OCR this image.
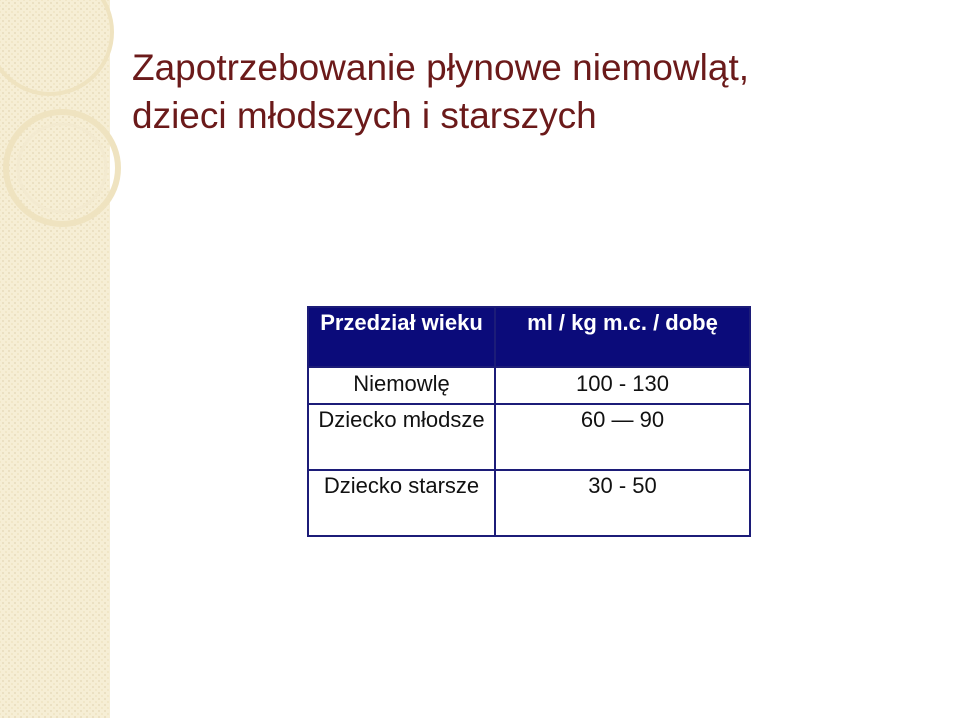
Zapotrzebowanie płynowe niemowląt,
dzieci młodszych i starszych
Przedział wieku	ml / kg m.c. / dobę
Niemowlę	100 - 130
Dziecko młodsze	60 — 90
Dziecko starsze	30 - 50
